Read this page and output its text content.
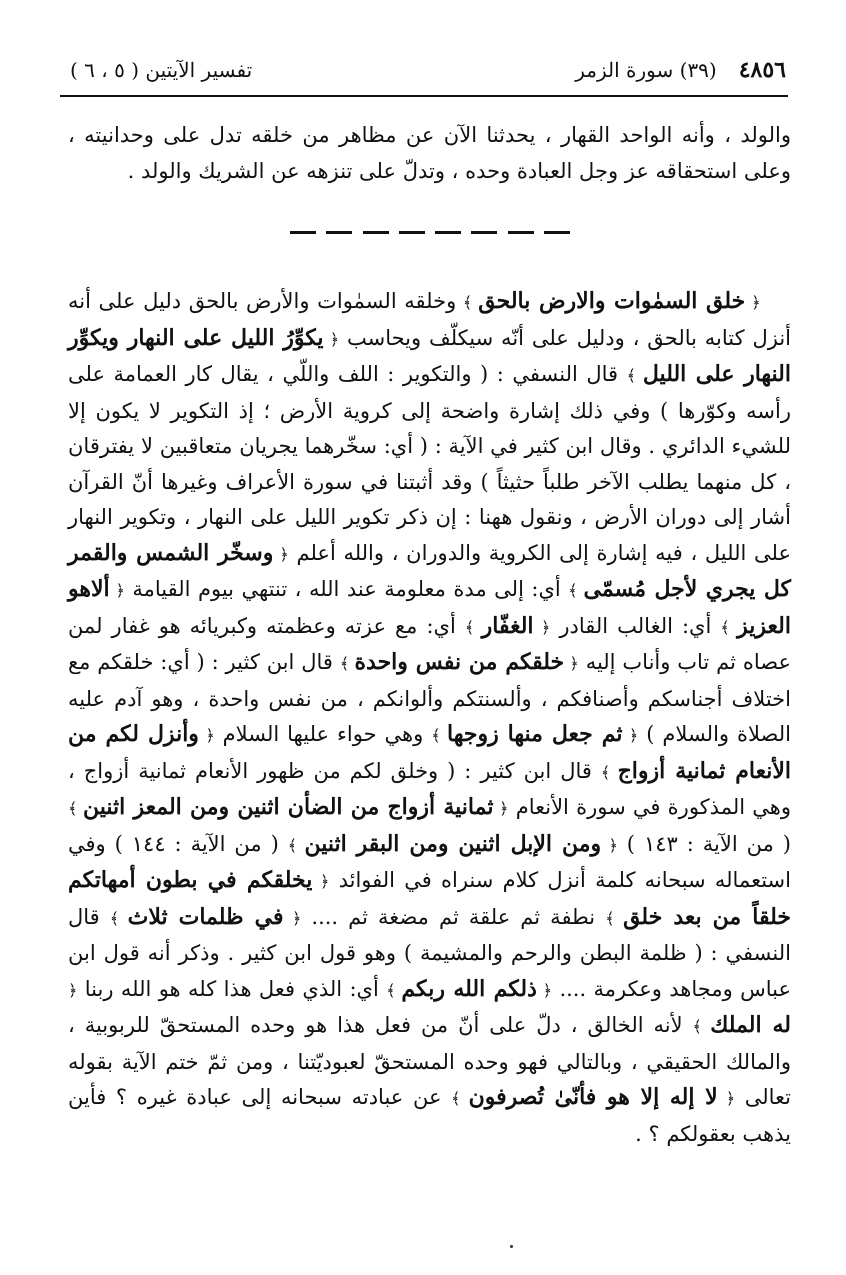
٤٨٥٦
(٣٩) سورة الزمر
تفسير الآيتين ( ٥ ، ٦ )

والولد ، وأنه الواحد القهار ، يحدثنا الآن عن مظاهر من خلقه تدل على وحدانيته ، وعلى استحقاقه عز وجل العبادة وحده ، وتدلّ على تنزهه عن الشريك والولد .

﴿ خلق السمٰوات والارض بالحق ﴾ وخلقه السمٰوات والأرض بالحق دليل على أنه أنزل كتابه بالحق ، ودليل على أنّه سيكلّف ويحاسب ﴿ يكوِّرُ الليل على النهار ويكوِّر النهار على الليل ﴾ قال النسفي : ( والتكوير : اللف واللّي ، يقال كار العمامة على رأسه وكوّرها ) وفي ذلك إشارة واضحة إلى كروية الأرض ؛ إذ التكوير لا يكون إلا للشيء الدائري . وقال ابن كثير في الآية : ( أي: سخّرهما يجريان متعاقبين لا يفترقان ، كل منهما يطلب الآخر طلباً حثيثاً ) وقد أثبتنا في سورة الأعراف وغيرها أنّ القرآن أشار إلى دوران الأرض ، ونقول ههنا : إن ذكر تكوير الليل على النهار ، وتكوير النهار على الليل ، فيه إشارة إلى الكروية والدوران ، والله أعلم ﴿ وسخّر الشمس والقمر كل يجري لأجل مُسمّى ﴾ أي: إلى مدة معلومة عند الله ، تنتهي بيوم القيامة ﴿ ألاهو العزيز ﴾ أي: الغالب القادر ﴿ الغفّار ﴾ أي: مع عزته وعظمته وكبريائه هو غفار لمن عصاه ثم تاب وأناب إليه ﴿ خلقكم من نفس واحدة ﴾ قال ابن كثير : ( أي: خلقكم مع اختلاف أجناسكم وأصنافكم ، وألسنتكم وألوانكم ، من نفس واحدة ، وهو آدم عليه الصلاة والسلام ) ﴿ ثم جعل منها زوجها ﴾ وهي حواء عليها السلام ﴿ وأنزل لكم من الأنعام ثمانية أزواج ﴾ قال ابن كثير : ( وخلق لكم من ظهور الأنعام ثمانية أزواج ، وهي المذكورة في سورة الأنعام ﴿ ثمانية أزواج من الضأن اثنين ومن المعز اثنين ﴾ ( من الآية : ١٤٣ ) ﴿ ومن الإبل اثنين ومن البقر اثنين ﴾ ( من الآية : ١٤٤ ) وفي استعماله سبحانه كلمة أنزل كلام سنراه في الفوائد ﴿ يخلقكم في بطون أمهاتكم خلقاً من بعد خلق ﴾ نطفة ثم علقة ثم مضغة ثم .... ﴿ في ظلمات ثلاث ﴾ قال النسفي : ( ظلمة البطن والرحم والمشيمة ) وهو قول ابن كثير . وذكر أنه قول ابن عباس ومجاهد وعكرمة .... ﴿ ذلكم الله ربكم ﴾ أي: الذي فعل هذا كله هو الله ربنا ﴿ له الملك ﴾ لأنه الخالق ، دلّ على أنّ من فعل هذا هو وحده المستحقّ للربوبية ، والمالك الحقيقي ، وبالتالي فهو وحده المستحقّ لعبوديّتنا ، ومن ثمّ ختم الآية بقوله تعالى ﴿ لا إله إلا هو فأنّىٰ تُصرفون ﴾ عن عبادته سبحانه إلى عبادة غيره ؟ فأين يذهب بعقولكم ؟ .
